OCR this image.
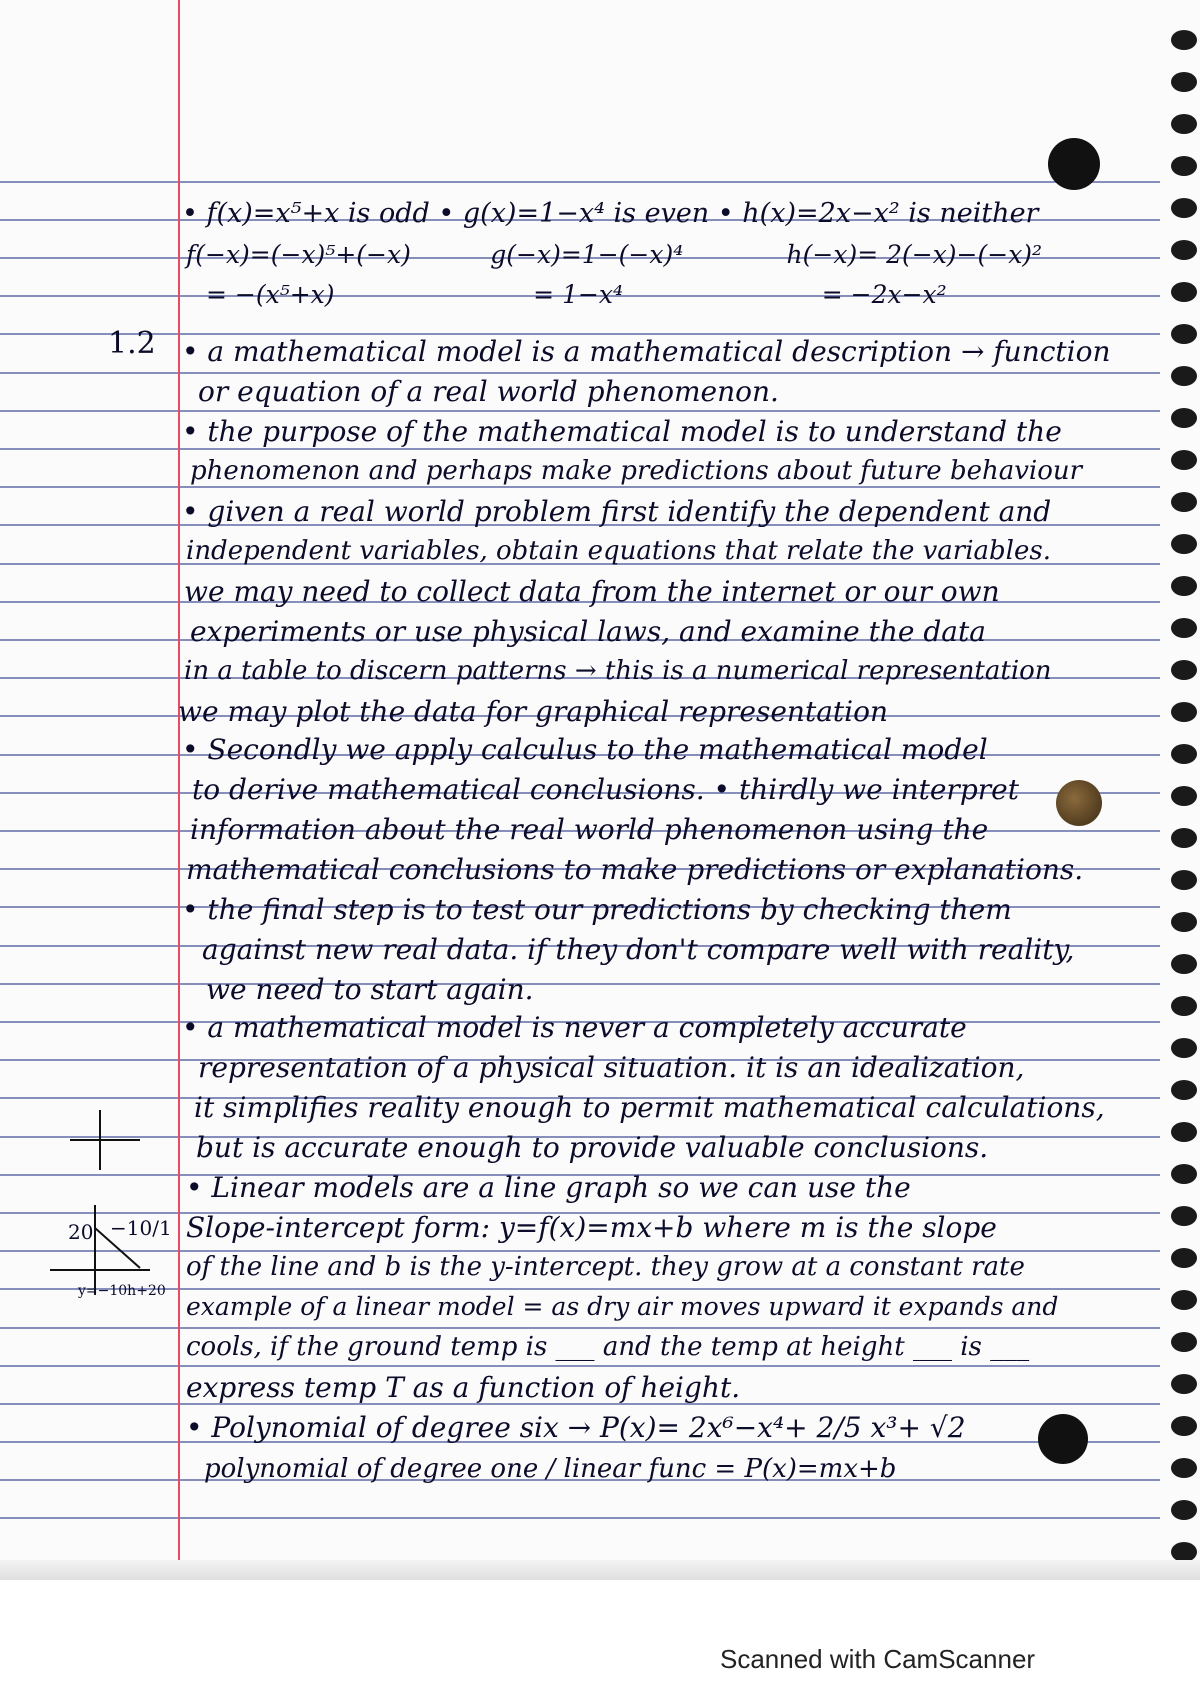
1.2
• f(x)=x⁵+x is odd • g(x)=1−x⁴ is even • h(x)=2x−x² is neither
f(−x)=(−x)⁵+(−x)          g(−x)=1−(−x)⁴             h(−x)= 2(−x)−(−x)²
= −(x⁵+x)                         = 1−x⁴                         = −2x−x²
• a mathematical model is a mathematical description → function
or equation of a real world phenomenon.
• the purpose of the mathematical model is to understand the
phenomenon and perhaps make predictions about future behaviour
• given a real world problem first identify the dependent and
independent variables, obtain equations that relate the variables.
we may need to collect data from the internet or our own
experiments or use physical laws, and examine the data
in a table to discern patterns → this is a numerical representation
we may plot the data for graphical representation
• Secondly we apply calculus to the mathematical model
to derive mathematical conclusions. • thirdly we interpret
information about the real world phenomenon using the
mathematical conclusions to make predictions or explanations.
• the final step is to test our predictions by checking them
against new real data. if they don't compare well with reality,
we need to start again.
• a mathematical model is never a completely accurate
representation of a physical situation. it is an idealization,
it simplifies reality enough to permit mathematical calculations,
but is accurate enough to provide valuable conclusions.
• Linear models are a line graph so we can use the
Slope-intercept form: y=f(x)=mx+b where m is the slope
of the line and b is the y-intercept. they grow at a constant rate
example of a linear model = as dry air moves upward it expands and
cools, if the ground temp is ___ and the temp at height ___ is ___
express temp T as a function of height.
• Polynomial of degree six → P(x)= 2x⁶−x⁴+ 2/5 x³+ √2
polynomial of degree one / linear func = P(x)=mx+b
20 −10/1
y=−10h+20
Scanned with CamScanner
